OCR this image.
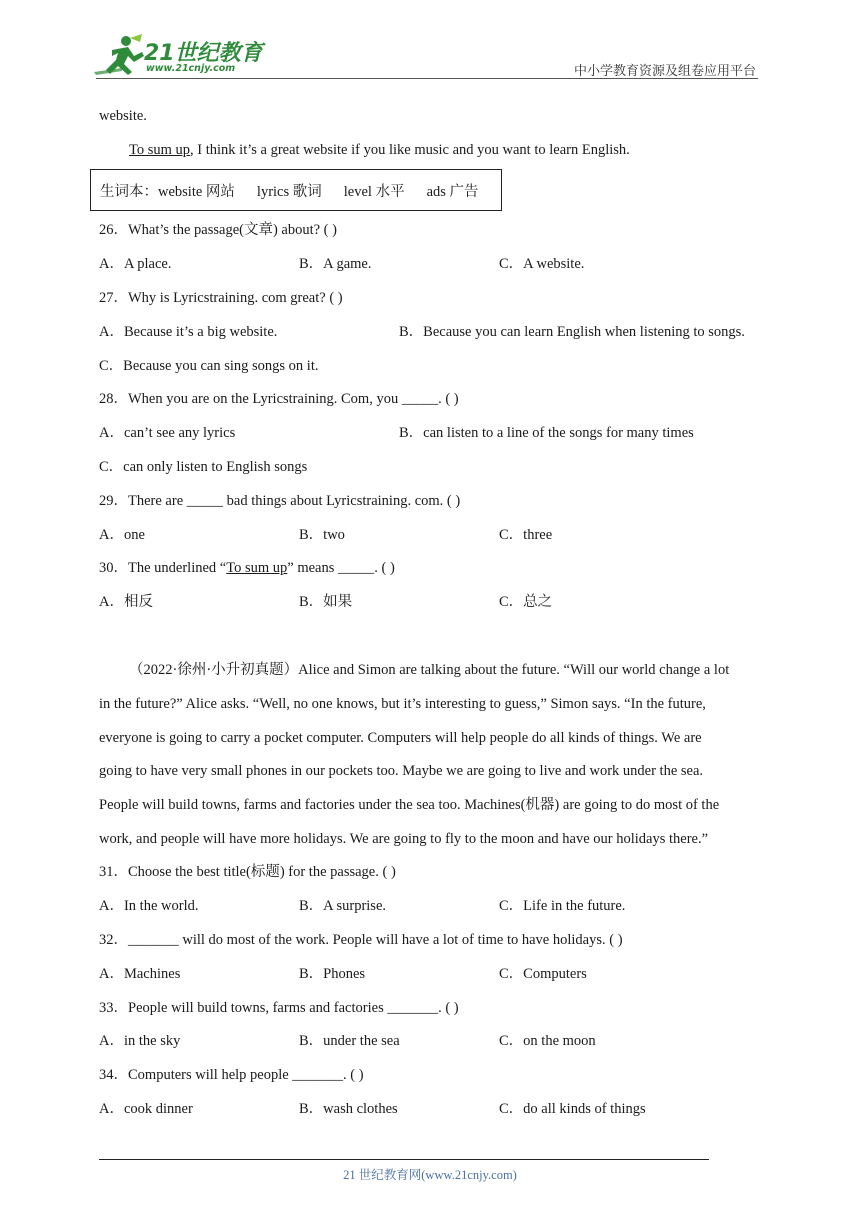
21世纪教育
www.21cnjy.com	中小学教育资源及组卷应用平台
website.
To sum up, I think it’s a great website if you like music and you want to learn English.
生词本：website 网站 lyrics 歌词 level 水平 ads 广告
26．What’s the passage(文章) about? ( )
A．A place.	B．A game.	C．A website.
27．Why is Lyricstraining. com great? ( )
A．Because it’s a big website.	B．Because you can learn English when listening to songs.
C．Because you can sing songs on it.
28．When you are on the Lyricstraining. Com, you _____. ( )
A．can’t see any lyrics	B．can listen to a line of the songs for many times
C．can only listen to English songs
29．There are _____ bad things about Lyricstraining. com. ( )
A．one	B．two	C．three
30．The underlined “To sum up” means _____. ( )
A．相反	B．如果	C．总之
（2022·徐州·小升初真题）Alice and Simon are talking about the future. “Will our world change a lot
in the future?” Alice asks. “Well, no one knows, but it’s interesting to guess,” Simon says. “In the future,
everyone is going to carry a pocket computer. Computers will help people do all kinds of things. We are
going to have very small phones in our pockets too. Maybe we are going to live and work under the sea.
People will build towns, farms and factories under the sea too. Machines(机器) are going to do most of the
work, and people will have more holidays. We are going to fly to the moon and have our holidays there.”
31．Choose the best title(标题) for the passage. ( )
A．In the world.	B．A surprise.	C．Life in the future.
32．_______ will do most of the work. People will have a lot of time to have holidays. ( )
A．Machines	B．Phones	C．Computers
33．People will build towns, farms and factories _______. ( )
A．in the sky	B．under the sea	C．on the moon
34．Computers will help people _______. ( )
A．cook dinner	B．wash clothes	C．do all kinds of things
21 世纪教育网(www.21cnjy.com)
